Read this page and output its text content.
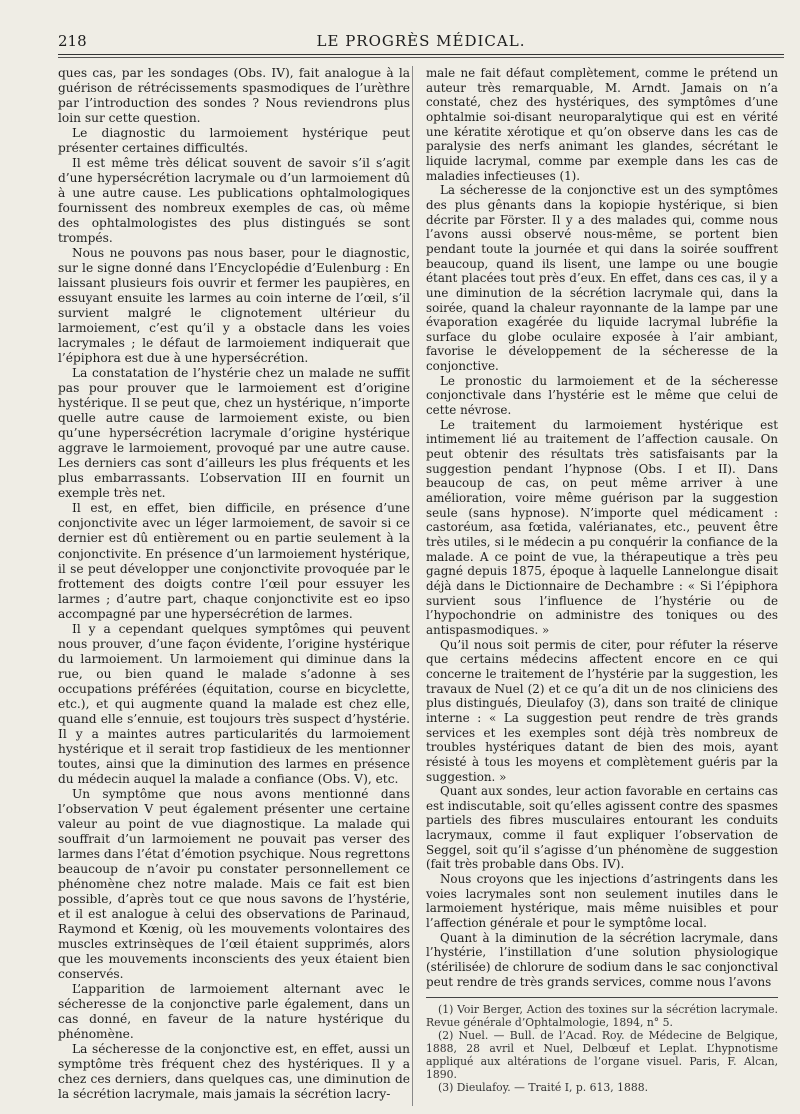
218	LE PROGRÈS MÉDICAL.

ques cas, par les sondages (Obs. IV), fait analogue à la guérison de rétrécissements spasmodiques de l’urèthre par l’introduction des sondes ? Nous reviendrons plus loin sur cette question.

Le diagnostic du larmoiement hystérique peut présenter certaines difficultés.

Il est même très délicat souvent de savoir s’il s’agit d’une hypersécrétion lacrymale ou d’un larmoiement dû à une autre cause. Les publications ophtalmologiques fournissent des nombreux exemples de cas, où même des ophtalmologistes des plus distingués se sont trompés.

Nous ne pouvons pas nous baser, pour le diagnostic, sur le signe donné dans l’Encyclopédie d’Eulenburg : En laissant plusieurs fois ouvrir et fermer les paupières, en essuyant ensuite les larmes au coin interne de l’œil, s’il survient malgré le clignotement ultérieur du larmoiement, c’est qu’il y a obstacle dans les voies lacrymales ; le défaut de larmoiement indiquerait que l’épiphora est due à une hypersécrétion.

La constatation de l’hystérie chez un malade ne suffit pas pour prouver que le larmoiement est d’origine hystérique. Il se peut que, chez un hystérique, n’importe quelle autre cause de larmoiement existe, ou bien qu’une hypersécrétion lacrymale d’origine hystérique aggrave le larmoiement, provoqué par une autre cause. Les derniers cas sont d’ailleurs les plus fréquents et les plus embarrassants. L’observation III en fournit un exemple très net.

Il est, en effet, bien difficile, en présence d’une conjonctivite avec un léger larmoiement, de savoir si ce dernier est dû entièrement ou en partie seulement à la conjonctivite. En présence d’un larmoiement hystérique, il se peut développer une conjonctivite provoquée par le frottement des doigts contre l’œil pour essuyer les larmes ; d’autre part, chaque conjonctivite est eo ipso accompagné par une hypersécrétion de larmes.

Il y a cependant quelques symptômes qui peuvent nous prouver, d’une façon évidente, l’origine hystérique du larmoiement. Un larmoiement qui diminue dans la rue, ou bien quand le malade s’adonne à ses occupations préférées (équitation, course en bicyclette, etc.), et qui augmente quand la malade est chez elle, quand elle s’ennuie, est toujours très suspect d’hystérie. Il y a maintes autres particularités du larmoiement hystérique et il serait trop fastidieux de les mentionner toutes, ainsi que la diminution des larmes en présence du médecin auquel la malade a confiance (Obs. V), etc.

Un symptôme que nous avons mentionné dans l’observation V peut également présenter une certaine valeur au point de vue diagnostique. La malade qui souffrait d’un larmoiement ne pouvait pas verser des larmes dans l’état d’émotion psychique. Nous regrettons beaucoup de n’avoir pu constater personnellement ce phénomène chez notre malade. Mais ce fait est bien possible, d’après tout ce que nous savons de l’hystérie, et il est analogue à celui des observations de Parinaud, Raymond et Kœnig, où les mouvements volontaires des muscles extrinsèques de l’œil étaient supprimés, alors que les mouvements inconscients des yeux étaient bien conservés.

L’apparition de larmoiement alternant avec le sécheresse de la conjonctive parle également, dans un cas donné, en faveur de la nature hystérique du phénomène.

La sécheresse de la conjonctive est, en effet, aussi un symptôme très fréquent chez des hystériques. Il y a chez ces derniers, dans quelques cas, une diminution de la sécrétion lacrymale, mais jamais la sécrétion lacry-

male ne fait défaut complètement, comme le prétend un auteur très remarquable, M. Arndt. Jamais on n’a constaté, chez des hystériques, des symptômes d’une ophtalmie soi-disant neuroparalytique qui est en vérité une kératite xérotique et qu’on observe dans les cas de paralysie des nerfs animant les glandes, sécrétant le liquide lacrymal, comme par exemple dans les cas de maladies infectieuses (1).

La sécheresse de la conjonctive est un des symptômes des plus gênants dans la kopiopie hystérique, si bien décrite par Förster. Il y a des malades qui, comme nous l’avons aussi observé nous-même, se portent bien pendant toute la journée et qui dans la soirée souffrent beaucoup, quand ils lisent, une lampe ou une bougie étant placées tout près d’eux. En effet, dans ces cas, il y a une diminution de la sécrétion lacrymale qui, dans la soirée, quand la chaleur rayonnante de la lampe par une évaporation exagérée du liquide lacrymal lubréfie la surface du globe oculaire exposée à l’air ambiant, favorise le développement de la sécheresse de la conjonctive.

Le pronostic du larmoiement et de la sécheresse conjonctivale dans l’hystérie est le même que celui de cette névrose.

Le traitement du larmoiement hystérique est intimement lié au traitement de l’affection causale. On peut obtenir des résultats très satisfaisants par la suggestion pendant l’hypnose (Obs. I et II). Dans beaucoup de cas, on peut même arriver à une amélioration, voire même guérison par la suggestion seule (sans hypnose). N’importe quel médicament : castoréum, asa fœtida, valérianates, etc., peuvent être très utiles, si le médecin a pu conquérir la confiance de la malade. A ce point de vue, la thérapeutique a très peu gagné depuis 1875, époque à laquelle Lannelongue disait déjà dans le Dictionnaire de Dechambre : « Si l’épiphora survient sous l’influence de l’hystérie ou de l’hypochondrie on administre des toniques ou des antispasmodiques. »

Qu’il nous soit permis de citer, pour réfuter la réserve que certains médecins affectent encore en ce qui concerne le traitement de l’hystérie par la suggestion, les travaux de Nuel (2) et ce qu’a dit un de nos cliniciens des plus distingués, Dieulafoy (3), dans son traité de clinique interne : « La suggestion peut rendre de très grands services et les exemples sont déjà très nombreux de troubles hystériques datant de bien des mois, ayant résisté à tous les moyens et complètement guéris par la suggestion. »

Quant aux sondes, leur action favorable en certains cas est indiscutable, soit qu’elles agissent contre des spasmes partiels des fibres musculaires entourant les conduits lacrymaux, comme il faut expliquer l’observation de Seggel, soit qu’il s’agisse d’un phénomène de suggestion (fait très probable dans Obs. IV).

Nous croyons que les injections d’astringents dans les voies lacrymales sont non seulement inutiles dans le larmoiement hystérique, mais même nuisibles et pour l’affection générale et pour le symptôme local.

Quant à la diminution de la sécrétion lacrymale, dans l’hystérie, l’instillation d’une solution physiologique (stérilisée) de chlorure de sodium dans le sac conjonctival peut rendre de très grands services, comme nous l’avons

(1) Voir Berger, Action des toxines sur la sécrétion lacrymale. Revue générale d’Ophtalmologie, 1894, n° 5.

(2) Nuel. — Bull. de l’Acad. Roy. de Médecine de Belgique, 1888, 28 avril et Nuel, Delbœuf et Leplat. L’hypnotisme appliqué aux altérations de l’organe visuel. Paris, F. Alcan, 1890.

(3) Dieulafoy. — Traité I, p. 613, 1888.
